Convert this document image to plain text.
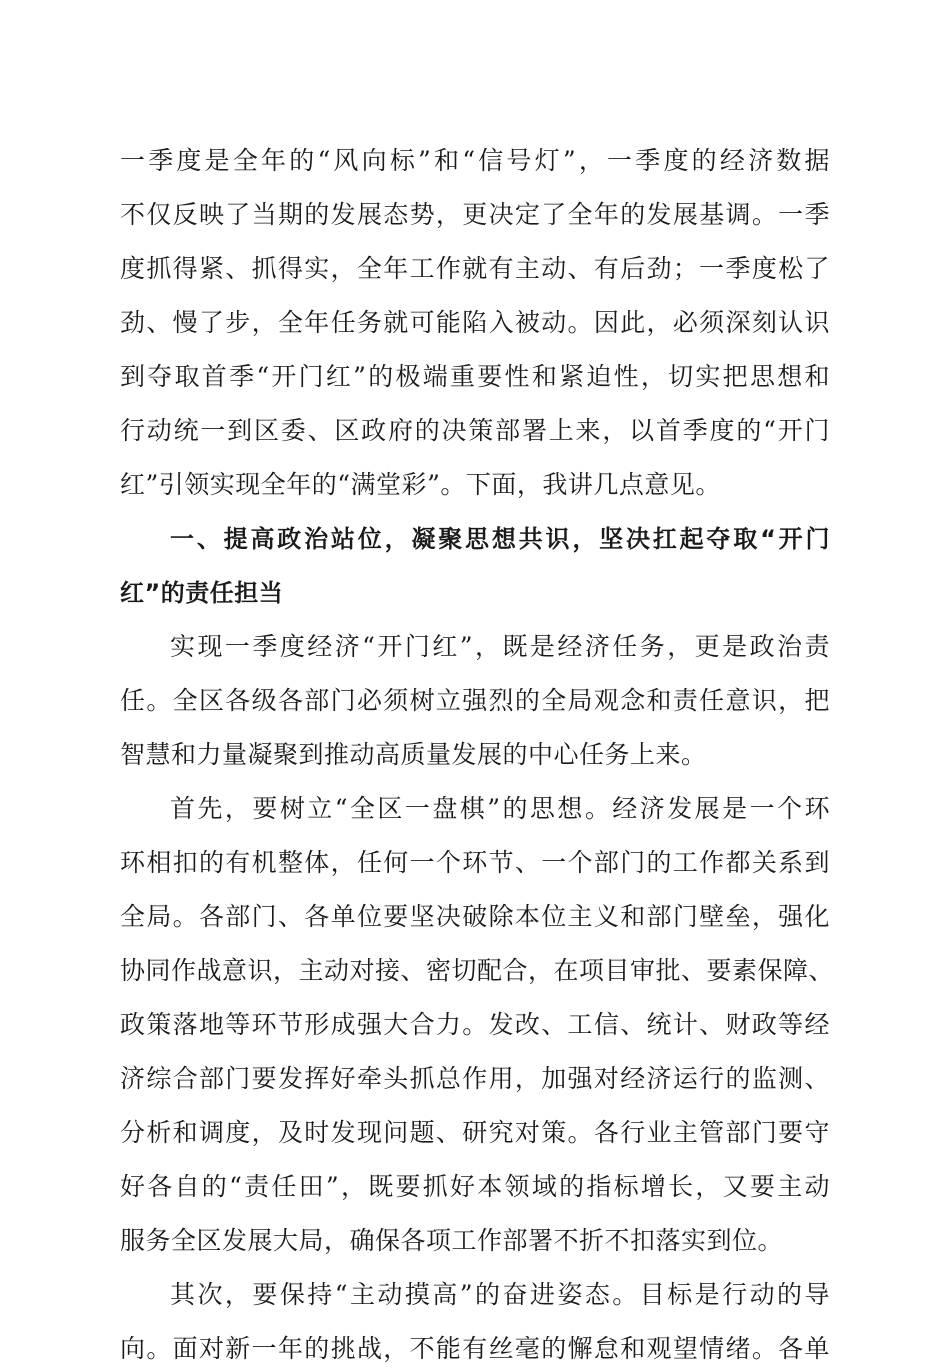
一季度是全年的“风向标”和“信号灯”，一季度的经济数据
不仅反映了当期的发展态势，更决定了全年的发展基调。一季
度抓得紧、抓得实，全年工作就有主动、有后劲；一季度松了
劲、慢了步，全年任务就可能陷入被动。因此，必须深刻认识
到夺取首季“开门红”的极端重要性和紧迫性，切实把思想和
行动统一到区委、区政府的决策部署上来，以首季度的“开门
红”引领实现全年的“满堂彩”。下面，我讲几点意见。
一、提高政治站位，凝聚思想共识，坚决扛起夺取“开门
红”的责任担当
实现一季度经济“开门红”，既是经济任务，更是政治责
任。全区各级各部门必须树立强烈的全局观念和责任意识，把
智慧和力量凝聚到推动高质量发展的中心任务上来。
首先，要树立“全区一盘棋”的思想。经济发展是一个环
环相扣的有机整体，任何一个环节、一个部门的工作都关系到
全局。各部门、各单位要坚决破除本位主义和部门壁垒，强化
协同作战意识，主动对接、密切配合，在项目审批、要素保障、
政策落地等环节形成强大合力。发改、工信、统计、财政等经
济综合部门要发挥好牵头抓总作用，加强对经济运行的监测、
分析和调度，及时发现问题、研究对策。各行业主管部门要守
好各自的“责任田”，既要抓好本领域的指标增长，又要主动
服务全区发展大局，确保各项工作部署不折不扣落实到位。
其次，要保持“主动摸高”的奋进姿态。目标是行动的导
向。面对新一年的挑战，不能有丝毫的懈怠和观望情绪。各单
